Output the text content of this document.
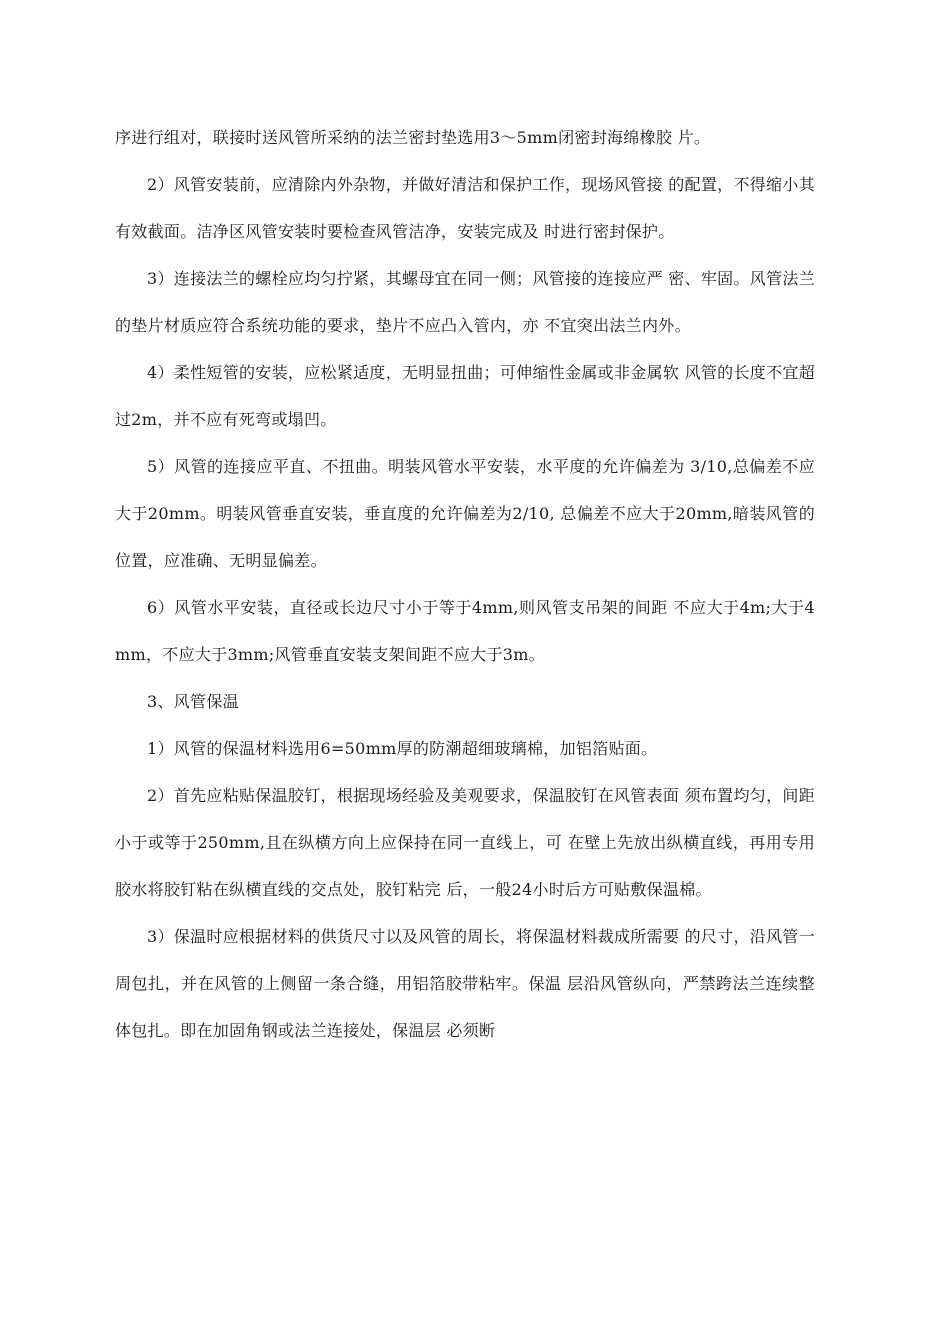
序进行组对，联接时送风管所采纳的法兰密封垫选用3〜5mm闭密封海绵橡胶 片。

2）风管安装前，应清除内外杂物，并做好清洁和保护工作，现场风管接 的配置，不得缩小其有效截面。洁净区风管安装时要检查风管洁净，安装完成及 时进行密封保护。

3）连接法兰的螺栓应均匀拧紧，其螺母宜在同一侧；风管接的连接应严 密、牢固。风管法兰的垫片材质应符合系统功能的要求，垫片不应凸入管内，亦 不宜突出法兰内外。

4）柔性短管的安装，应松紧适度，无明显扭曲；可伸缩性金属或非金属软 风管的长度不宜超过2m，并不应有死弯或塌凹。

5）风管的连接应平直、不扭曲。明装风管水平安装，水平度的允许偏差为 3/10,总偏差不应大于20mm。明装风管垂直安装，垂直度的允许偏差为2/10, 总偏差不应大于20mm,暗装风管的位置，应准确、无明显偏差。

6）风管水平安装，直径或长边尺寸小于等于4mm,则风管支吊架的间距 不应大于4m;大于4mm，不应大于3mm;风管垂直安装支架间距不应大于3m。

3、风管保温

1）风管的保温材料选用6=50mm厚的防潮超细玻璃棉，加铝箔贴面。

2）首先应粘贴保温胶钉，根据现场经验及美观要求，保温胶钉在风管表面 须布置均匀，间距小于或等于250mm,且在纵横方向上应保持在同一直线上，可 在壁上先放出纵横直线，再用专用胶水将胶钉粘在纵横直线的交点处，胶钉粘完 后，一般24小时后方可贴敷保温棉。

3）保温时应根据材料的供货尺寸以及风管的周长，将保温材料裁成所需要 的尺寸，沿风管一周包扎，并在风管的上侧留一条合缝，用铝箔胶带粘牢。保温 层沿风管纵向，严禁跨法兰连续整体包扎。即在加固角钢或法兰连接处，保温层 必须断
